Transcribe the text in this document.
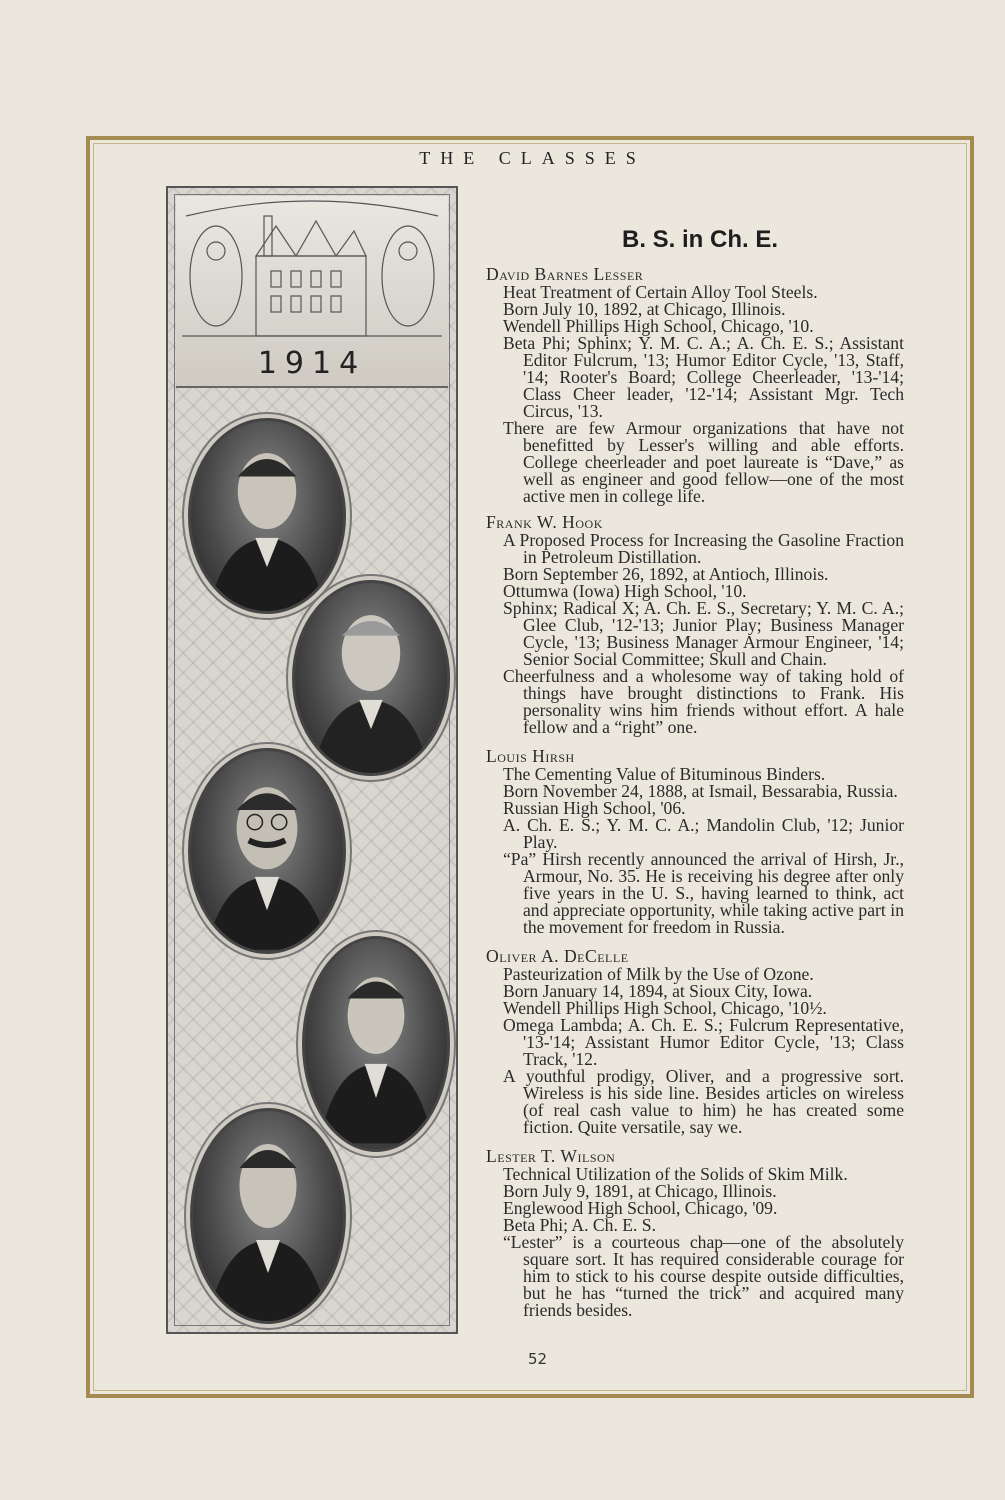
THE CLASSES
1914
B. S. in Ch. E.
David Barnes Lesser
Heat Treatment of Certain Alloy Tool Steels.
Born July 10, 1892, at Chicago, Illinois.
Wendell Phillips High School, Chicago, '10.
Beta Phi; Sphinx; Y. M. C. A.; A. Ch. E. S.; Assistant Editor Fulcrum, '13; Humor Editor Cycle, '13, Staff, '14; Rooter's Board; College Cheerleader, '13-'14; Class Cheer leader, '12-'14; Assistant Mgr. Tech Circus, '13.
There are few Armour organizations that have not benefitted by Lesser's willing and able efforts. College cheerleader and poet laureate is “Dave,” as well as engineer and good fellow—one of the most active men in college life.
Frank W. Hook
A Proposed Process for Increasing the Gasoline Fraction in Petroleum Distillation.
Born September 26, 1892, at Antioch, Illinois.
Ottumwa (Iowa) High School, '10.
Sphinx; Radical X; A. Ch. E. S., Secretary; Y. M. C. A.; Glee Club, '12-'13; Junior Play; Business Manager Cycle, '13; Business Manager Armour Engineer, '14; Senior Social Committee; Skull and Chain.
Cheerfulness and a wholesome way of taking hold of things have brought distinctions to Frank. His personality wins him friends without effort. A hale fellow and a “right” one.
Louis Hirsh
The Cementing Value of Bituminous Binders.
Born November 24, 1888, at Ismail, Bessarabia, Russia.
Russian High School, '06.
A. Ch. E. S.; Y. M. C. A.; Mandolin Club, '12; Junior Play.
“Pa” Hirsh recently announced the arrival of Hirsh, Jr., Armour, No. 35. He is receiving his degree after only five years in the U. S., having learned to think, act and appreciate opportunity, while taking active part in the movement for freedom in Russia.
Oliver A. DeCelle
Pasteurization of Milk by the Use of Ozone.
Born January 14, 1894, at Sioux City, Iowa.
Wendell Phillips High School, Chicago, '10½.
Omega Lambda; A. Ch. E. S.; Fulcrum Representative, '13-'14; Assistant Humor Editor Cycle, '13; Class Track, '12.
A youthful prodigy, Oliver, and a progressive sort. Wireless is his side line. Besides articles on wireless (of real cash value to him) he has created some fiction. Quite versatile, say we.
Lester T. Wilson
Technical Utilization of the Solids of Skim Milk.
Born July 9, 1891, at Chicago, Illinois.
Englewood High School, Chicago, '09.
Beta Phi; A. Ch. E. S.
“Lester” is a courteous chap—one of the absolutely square sort. It has required considerable courage for him to stick to his course despite outside difficulties, but he has “turned the trick” and acquired many friends besides.
52
